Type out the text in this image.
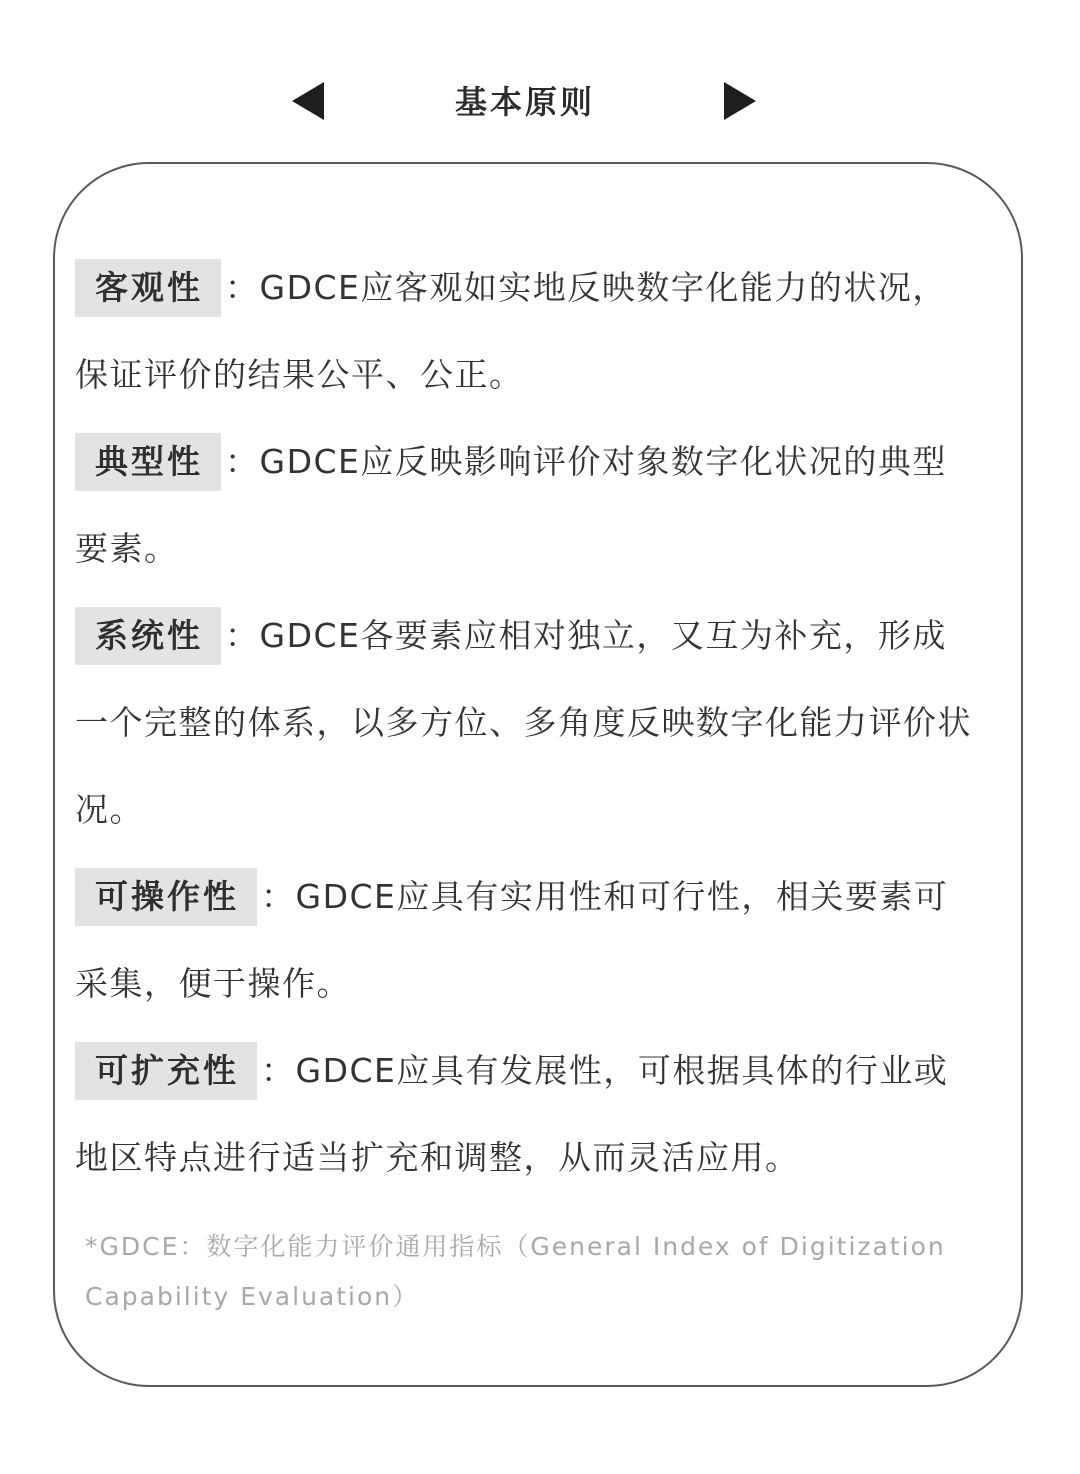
基本原则
客观性 ：GDCE应客观如实地反映数字化能力的状况，保证评价的结果公平、公正。
典型性 ：GDCE应反映影响评价对象数字化状况的典型要素。
系统性 ：GDCE各要素应相对独立，又互为补充，形成一个完整的体系，以多方位、多角度反映数字化能力评价状况。
可操作性 ：GDCE应具有实用性和可行性，相关要素可采集，便于操作。
可扩充性 ：GDCE应具有发展性，可根据具体的行业或地区特点进行适当扩充和调整，从而灵活应用。
*GDCE：数字化能力评价通用指标（General Index of Digitization Capability Evaluation）
